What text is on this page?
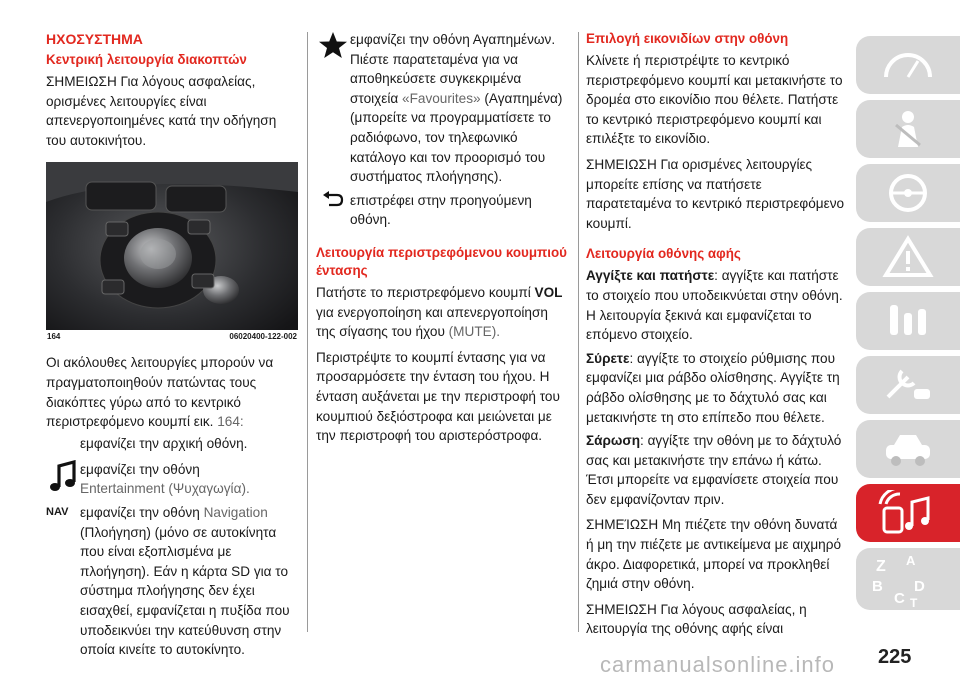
ΗΧΟΣΥΣΤΗΜΑ

Κεντρική λειτουργία διακοπτών

ΣΗΜΕΙΩΣΗ Για λόγους ασφαλείας, ορισμένες λειτουργίες είναι απενεργοποιημένες κατά την οδήγηση του αυτοκινήτου.

164	06020400-122-002

Οι ακόλουθες λειτουργίες μπορούν να πραγματοποιηθούν πατώντας τους διακόπτες γύρω από το κεντρικό περιστρεφόμενο κουμπί εικ. 164:

εμφανίζει την αρχική οθόνη.
εμφανίζει την οθόνη
Entertainment (Ψυχαγωγία).
NAV εμφανίζει την οθόνη Navigation (Πλοήγηση) (μόνο σε αυτοκίνητα που είναι εξοπλισμένα με πλοήγηση). Εάν η κάρτα SD για το σύστημα πλοήγησης δεν έχει εισαχθεί, εμφανίζεται η πυξίδα που υποδεικνύει την κατεύθυνση στην οποία κινείτε το αυτοκίνητο.

εμφανίζει την οθόνη Αγαπημένων. Πιέστε παρατεταμένα για να αποθηκεύσετε συγκεκριμένα στοιχεία «Favourites» (Αγαπημένα) (μπορείτε να προγραμματίσετε το ραδιόφωνο, τον τηλεφωνικό κατάλογο και τον προορισμό του συστήματος πλοήγησης).

επιστρέφει στην προηγούμενη οθόνη.

Λειτουργία περιστρεφόμενου κουμπιού έντασης

Πατήστε το περιστρεφόμενο κουμπί VOL για ενεργοποίηση και απενεργοποίηση της σίγασης του ήχου (MUTE).

Περιστρέψτε το κουμπί έντασης για να προσαρμόσετε την ένταση του ήχου. Η ένταση αυξάνεται με την περιστροφή του κουμπιού δεξιόστροφα και μειώνεται με την περιστροφή του αριστερόστροφα.

Επιλογή εικονιδίων στην οθόνη

Κλίνετε ή περιστρέψτε το κεντρικό περιστρεφόμενο κουμπί και μετακινήστε το δρομέα στο εικονίδιο που θέλετε. Πατήστε το κεντρικό περιστρεφόμενο κουμπί και επιλέξτε το εικονίδιο.

ΣΗΜΕΙΩΣΗ Για ορισμένες λειτουργίες μπορείτε επίσης να πατήσετε παρατεταμένα το κεντρικό περιστρεφόμενο κουμπί.

Λειτουργία οθόνης αφής

Αγγίξτε και πατήστε: αγγίξτε και πατήστε το στοιχείο που υποδεικνύεται στην οθόνη. Η λειτουργία ξεκινά και εμφανίζεται το επόμενο στοιχείο.

Σύρετε: αγγίξτε το στοιχείο ρύθμισης που εμφανίζει μια ράβδο ολίσθησης. Αγγίξτε τη ράβδο ολίσθησης με το δάχτυλό σας και μετακινήστε τη στο επίπεδο που θέλετε.

Σάρωση: αγγίξτε την οθόνη με το δάχτυλό σας και μετακινήστε την επάνω ή κάτω. Έτσι μπορείτε να εμφανίσετε στοιχεία που δεν εμφανίζονταν πριν.

ΣΗΜΕΊΩΣΗ Μη πιέζετε την οθόνη δυνατά ή μη την πιέζετε με αντικείμενα με αιχμηρό άκρο. Διαφορετικά, μπορεί να προκληθεί ζημιά στην οθόνη.

ΣΗΜΕΙΩΣΗ Για λόγους ασφαλείας, η λειτουργία της οθόνης αφής είναι

Z A
B
C
D
T
225
carmanualsonline.info
